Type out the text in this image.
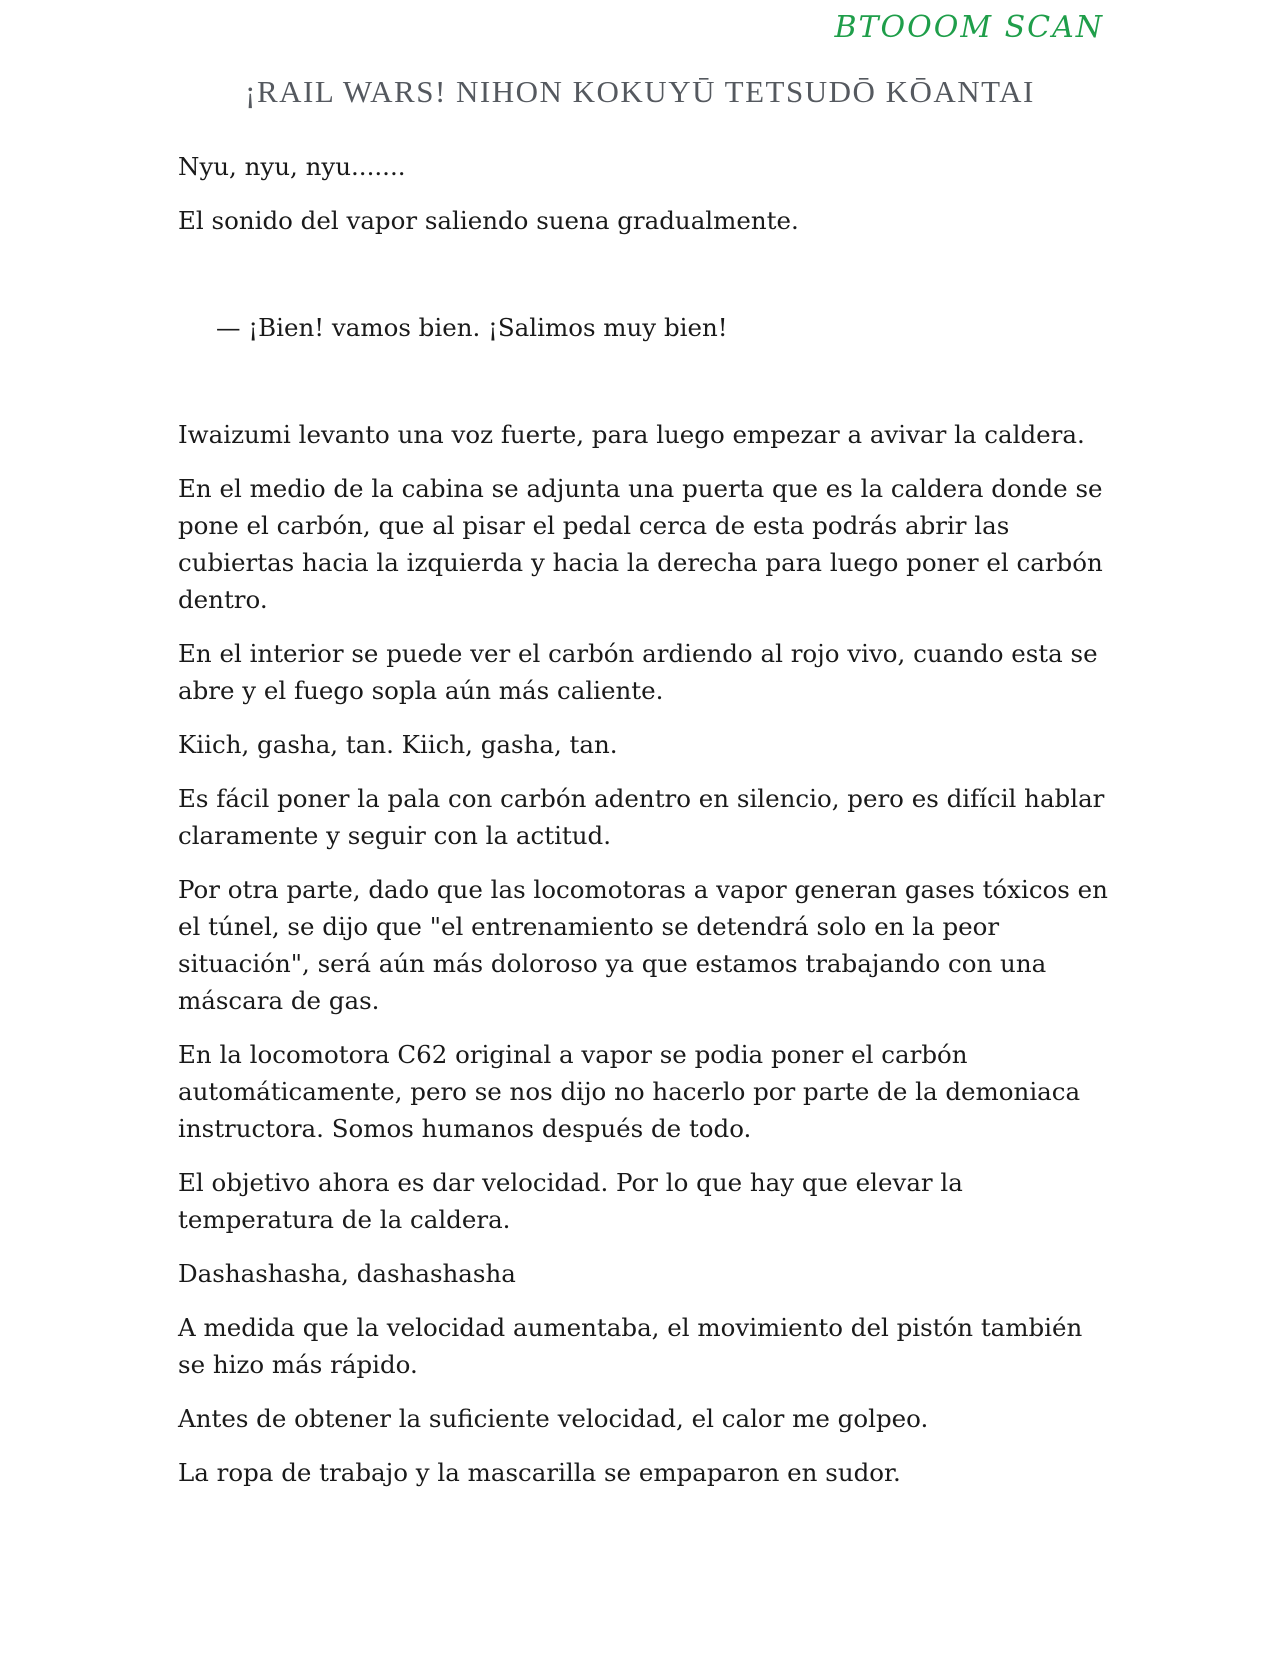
BTOOOM SCAN
¡RAIL WARS! NIHON KOKUYŪ TETSUDŌ KŌANTAI

Nyu, nyu, nyu.......

El sonido del vapor saliendo suena gradualmente.

— ¡Bien! vamos bien. ¡Salimos muy bien!

Iwaizumi levanto una voz fuerte, para luego empezar a avivar la caldera.

En el medio de la cabina se adjunta una puerta que es la caldera donde se pone el carbón, que al pisar el pedal cerca de esta podrás abrir las cubiertas hacia la izquierda y hacia la derecha para luego poner el carbón dentro.

En el interior se puede ver el carbón ardiendo al rojo vivo, cuando esta se abre y el fuego sopla aún más caliente.

Kiich, gasha, tan. Kiich, gasha, tan.

Es fácil poner la pala con carbón adentro en silencio, pero es difícil hablar claramente y seguir con la actitud.

Por otra parte, dado que las locomotoras a vapor generan gases tóxicos en el túnel, se dijo que "el entrenamiento se detendrá solo en la peor situación", será aún más doloroso ya que estamos trabajando con una máscara de gas.

En la locomotora C62 original a vapor se podia poner el carbón automáticamente, pero se nos dijo no hacerlo por parte de la demoniaca instructora. Somos humanos después de todo.

El objetivo ahora es dar velocidad. Por lo que hay que elevar la temperatura de la caldera.

Dashashasha, dashashasha

A medida que la velocidad aumentaba, el movimiento del pistón también se hizo más rápido.

Antes de obtener la suficiente velocidad, el calor me golpeo.

La ropa de trabajo y la mascarilla se empaparon en sudor.
